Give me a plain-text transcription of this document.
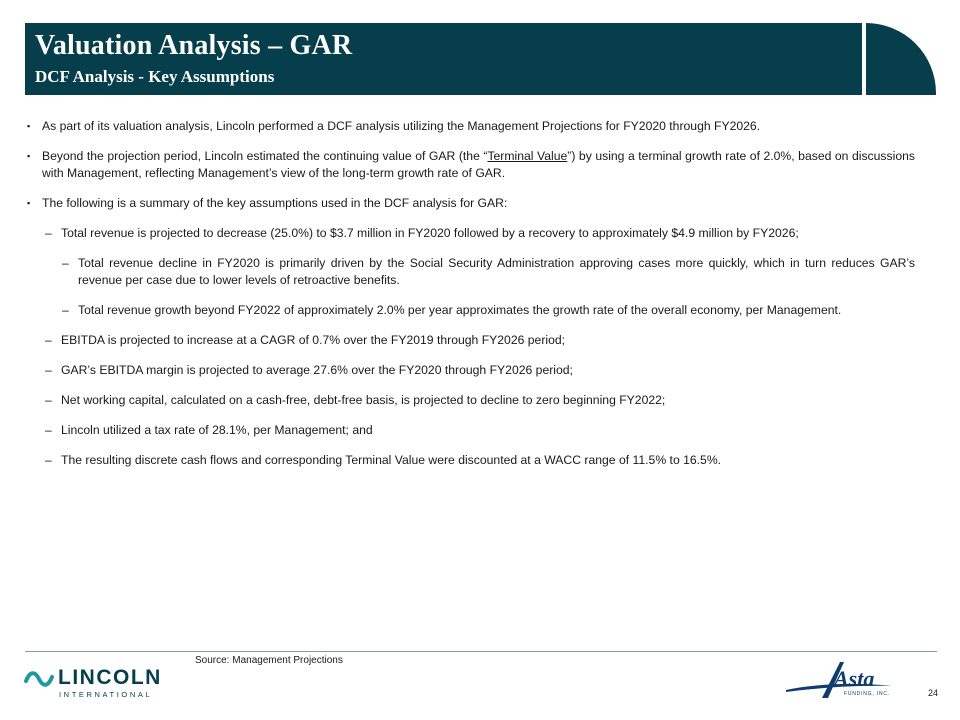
Valuation Analysis – GAR
DCF Analysis - Key Assumptions
▪ As part of its valuation analysis, Lincoln performed a DCF analysis utilizing the Management Projections for FY2020 through FY2026.
▪ Beyond the projection period, Lincoln estimated the continuing value of GAR (the “Terminal Value”) by using a terminal growth rate of 2.0%, based on discussions with Management, reflecting Management’s view of the long-term growth rate of GAR.
▪ The following is a summary of the key assumptions used in the DCF analysis for GAR:
– Total revenue is projected to decrease (25.0%) to $3.7 million in FY2020 followed by a recovery to approximately $4.9 million by FY2026;
– Total revenue decline in FY2020 is primarily driven by the Social Security Administration approving cases more quickly, which in turn reduces GAR’s revenue per case due to lower levels of retroactive benefits.
– Total revenue growth beyond FY2022 of approximately 2.0% per year approximates the growth rate of the overall economy, per Management.
– EBITDA is projected to increase at a CAGR of 0.7% over the FY2019 through FY2026 period;
– GAR’s EBITDA margin is projected to average 27.6% over the FY2020 through FY2026 period;
– Net working capital, calculated on a cash-free, debt-free basis, is projected to decline to zero beginning FY2022;
– Lincoln utilized a tax rate of 28.1%, per Management; and
– The resulting discrete cash flows and corresponding Terminal Value were discounted at a WACC range of 11.5% to 16.5%.
Source: Management Projections
LINCOLN
INTERNATIONAL
Asta
FUNDING, INC.	24
